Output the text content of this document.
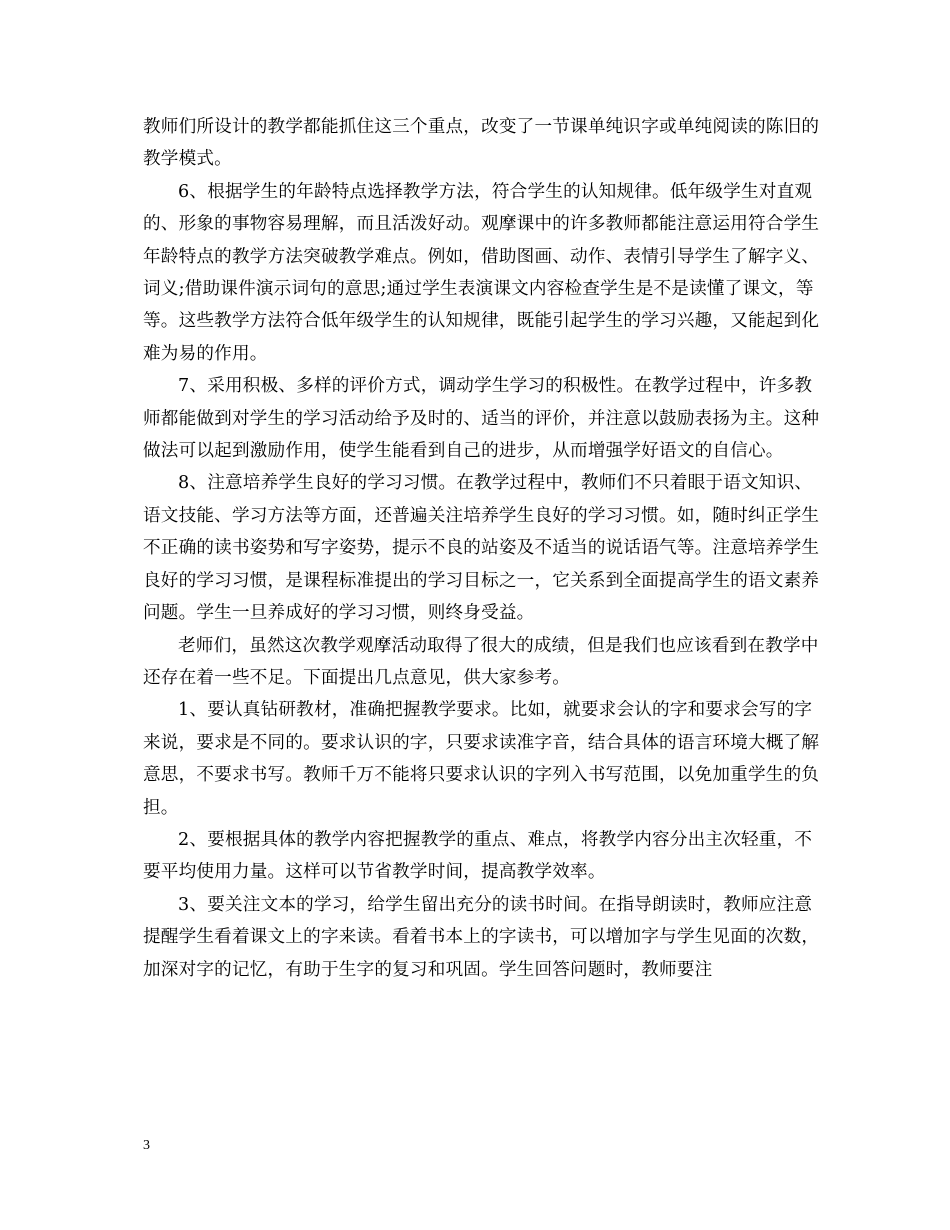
教师们所设计的教学都能抓住这三个重点，改变了一节课单纯识字或单纯阅读的陈旧的教学模式。

6、根据学生的年龄特点选择教学方法，符合学生的认知规律。低年级学生对直观的、形象的事物容易理解，而且活泼好动。观摩课中的许多教师都能注意运用符合学生年龄特点的教学方法突破教学难点。例如，借助图画、动作、表情引导学生了解字义、词义;借助课件演示词句的意思;通过学生表演课文内容检查学生是不是读懂了课文，等等。这些教学方法符合低年级学生的认知规律，既能引起学生的学习兴趣，又能起到化难为易的作用。

7、采用积极、多样的评价方式，调动学生学习的积极性。在教学过程中，许多教师都能做到对学生的学习活动给予及时的、适当的评价，并注意以鼓励表扬为主。这种做法可以起到激励作用，使学生能看到自己的进步，从而增强学好语文的自信心。

8、注意培养学生良好的学习习惯。在教学过程中，教师们不只着眼于语文知识、语文技能、学习方法等方面，还普遍关注培养学生良好的学习习惯。如，随时纠正学生不正确的读书姿势和写字姿势，提示不良的站姿及不适当的说话语气等。注意培养学生良好的学习习惯，是课程标准提出的学习目标之一，它关系到全面提高学生的语文素养问题。学生一旦养成好的学习习惯，则终身受益。

老师们，虽然这次教学观摩活动取得了很大的成绩，但是我们也应该看到在教学中还存在着一些不足。下面提出几点意见，供大家参考。

1、要认真钻研教材，准确把握教学要求。比如，就要求会认的字和要求会写的字来说，要求是不同的。要求认识的字，只要求读准字音，结合具体的语言环境大概了解意思，不要求书写。教师千万不能将只要求认识的字列入书写范围，以免加重学生的负担。

2、要根据具体的教学内容把握教学的重点、难点，将教学内容分出主次轻重，不要平均使用力量。这样可以节省教学时间，提高教学效率。

3、要关注文本的学习，给学生留出充分的读书时间。在指导朗读时，教师应注意提醒学生看着课文上的字来读。看着书本上的字读书，可以增加字与学生见面的次数，加深对字的记忆，有助于生字的复习和巩固。学生回答问题时，教师要注

3
